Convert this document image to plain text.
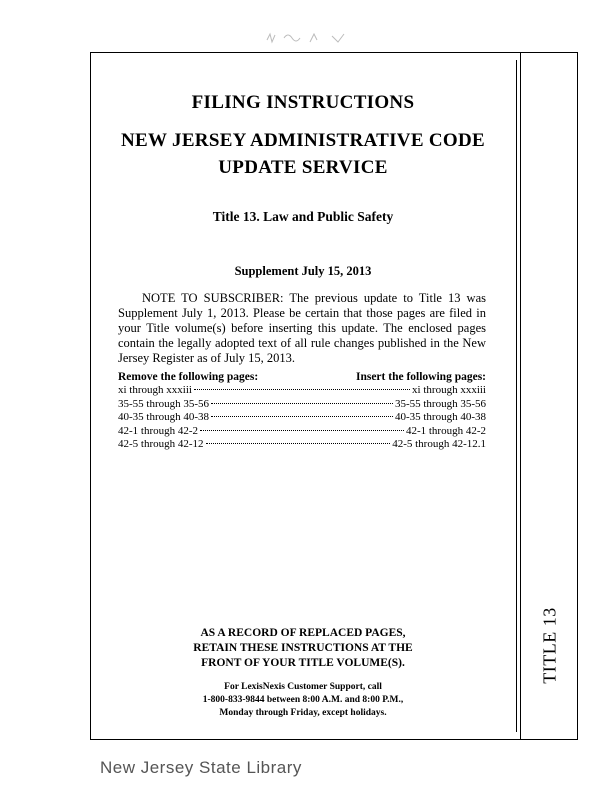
TITLE 13
FILING INSTRUCTIONS
NEW JERSEY ADMINISTRATIVE CODE
UPDATE SERVICE
Title 13. Law and Public Safety
Supplement July 15, 2013
NOTE TO SUBSCRIBER: The previous update to Title 13 was Supplement July 1, 2013. Please be certain that those pages are filed in your Title volume(s) before inserting this update. The enclosed pages contain the legally adopted text of all rule changes published in the New Jersey Register as of July 15, 2013.
Remove the following pages:	Insert the following pages:
xi through xxxiii	xi through xxxiii
35-55 through 35-56	35-55 through 35-56
40-35 through 40-38	40-35 through 40-38
42-1 through 42-2	42-1 through 42-2
42-5 through 42-12	42-5 through 42-12.1
AS A RECORD OF REPLACED PAGES,
RETAIN THESE INSTRUCTIONS AT THE
FRONT OF YOUR TITLE VOLUME(S).
For LexisNexis Customer Support, call
1-800-833-9844 between 8:00 A.M. and 8:00 P.M.,
Monday through Friday, except holidays.
New Jersey State Library
